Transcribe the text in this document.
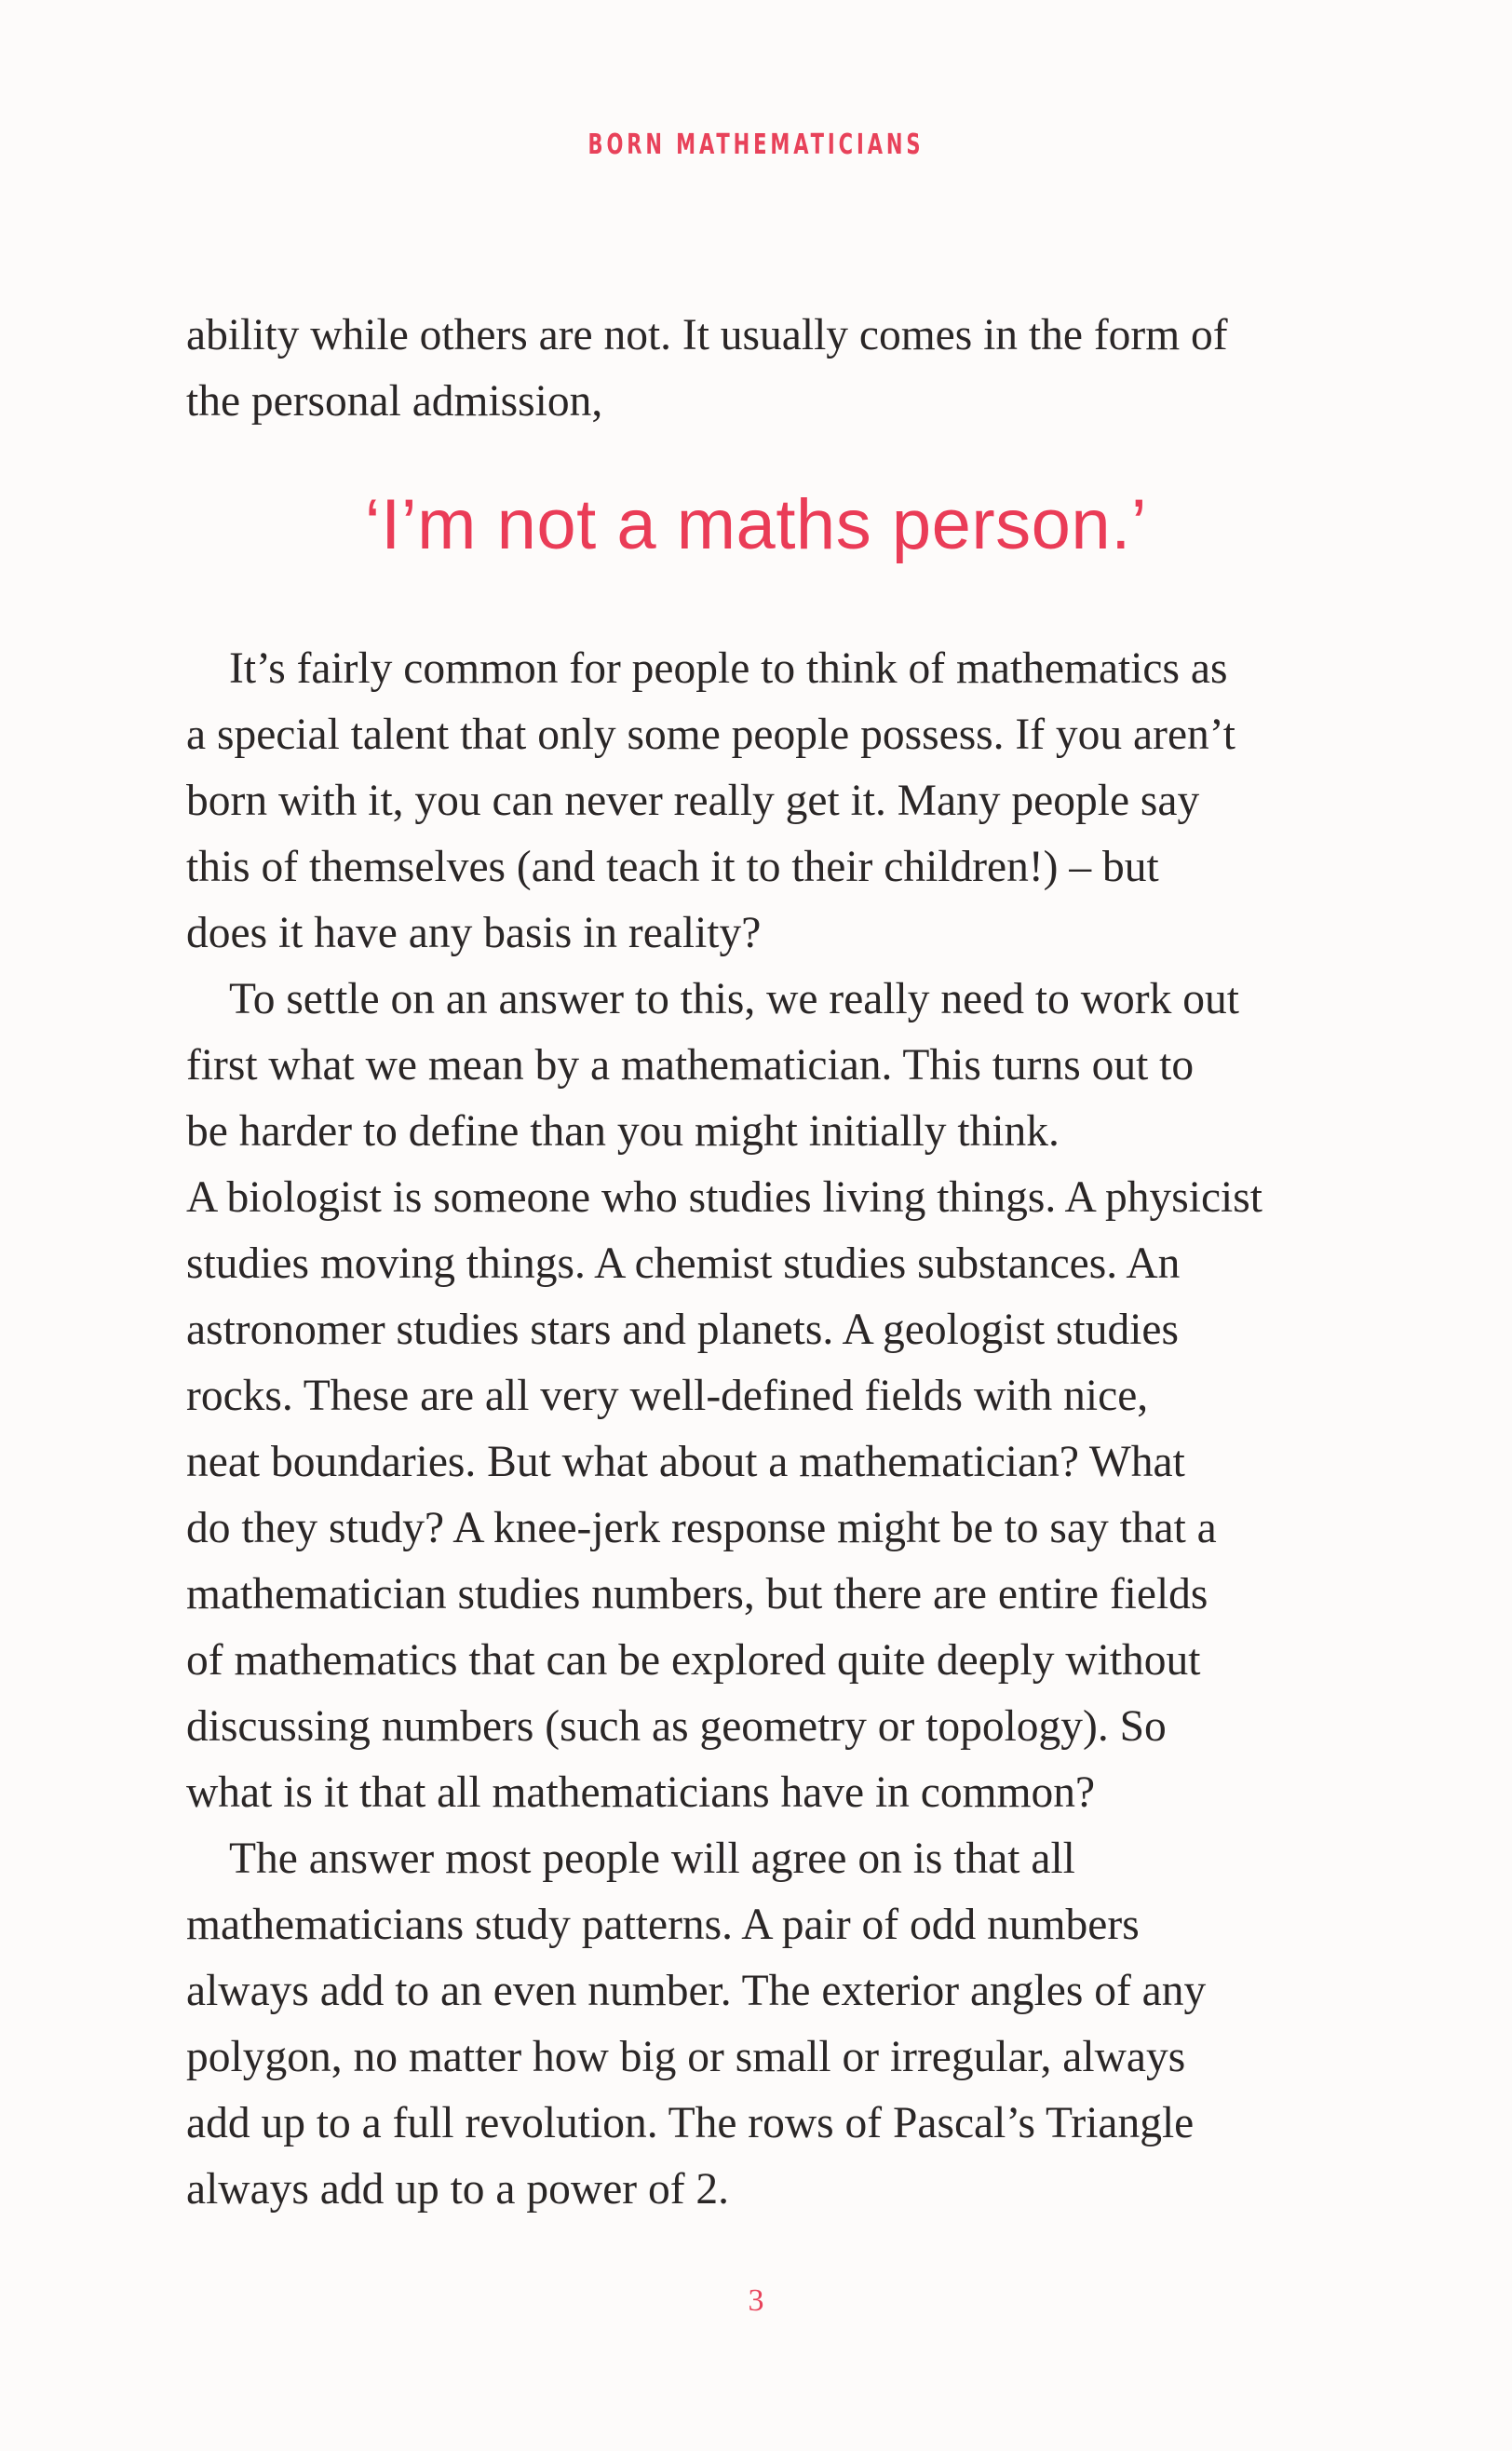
BORN MATHEMATICIANS
ability while others are not. It usually comes in the form of
the personal admission,
‘I’m not a maths person.’
It’s fairly common for people to think of mathematics as
a special talent that only some people possess. If you aren’t
born with it, you can never really get it. Many people say
this of themselves (and teach it to their children!) – but
does it have any basis in reality?
To settle on an answer to this, we really need to work out
first what we mean by a mathematician. This turns out to
be harder to define than you might initially think.
A biologist is someone who studies living things. A physicist
studies moving things. A chemist studies substances. An
astronomer studies stars and planets. A geologist studies
rocks. These are all very well-defined fields with nice,
neat boundaries. But what about a mathematician? What
do they study? A knee-jerk response might be to say that a
mathematician studies numbers, but there are entire fields
of mathematics that can be explored quite deeply without
discussing numbers (such as geometry or topology). So
what is it that all mathematicians have in common?
The answer most people will agree on is that all
mathematicians study patterns. A pair of odd numbers
always add to an even number. The exterior angles of any
polygon, no matter how big or small or irregular, always
add up to a full revolution. The rows of Pascal’s Triangle
always add up to a power of 2.
3
